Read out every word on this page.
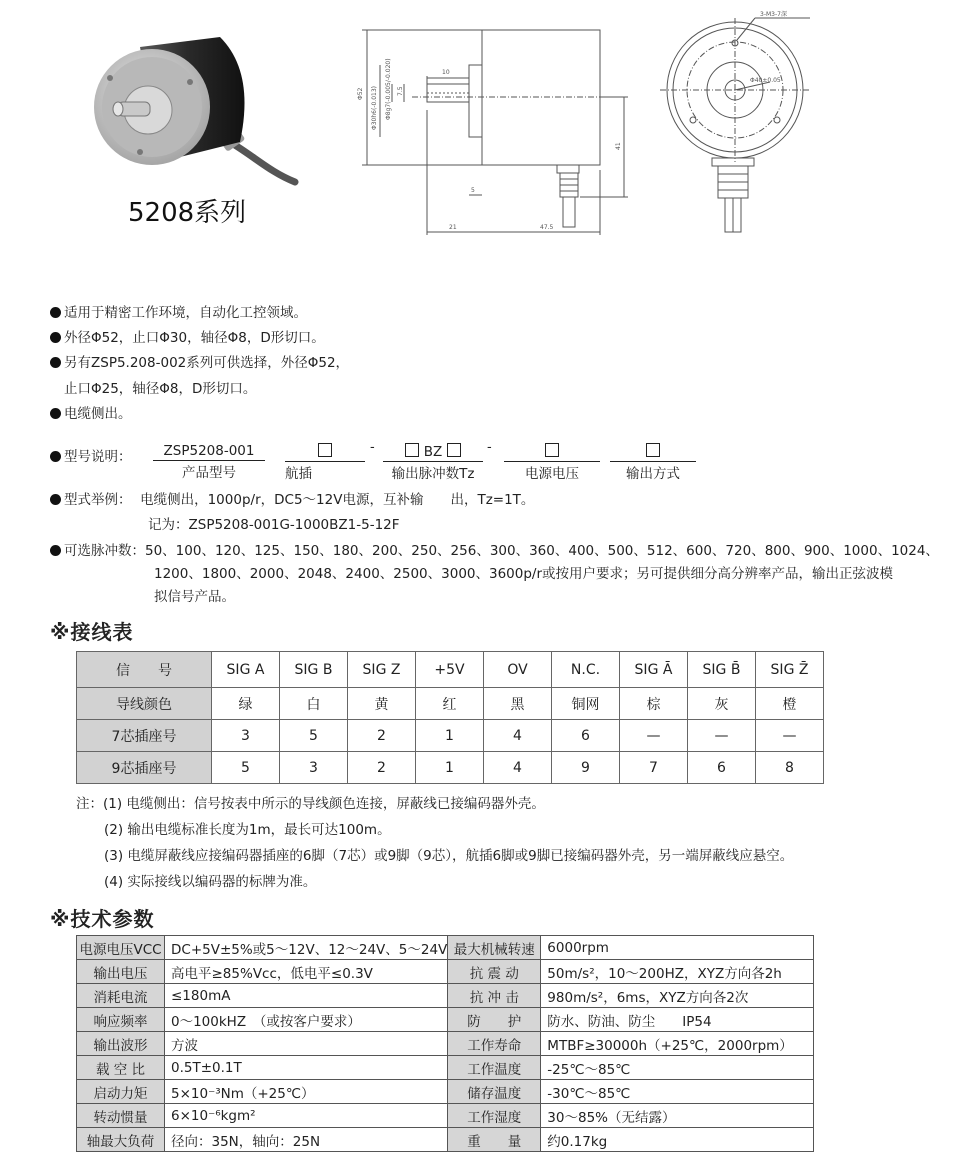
5208系列
Φ52 Φ30h6(-0.013) Φ8g7(-0.005/-0.020)	10
7.5
5
21	47.5
41
3-M3-7深
Φ40±0.05
适用于精密工作环境，自动化工控领域。
外径Φ52，止口Φ30，轴径Φ8，D形切口。
另有ZSP5.208-002系列可供选择，外径Φ52，
止口Φ25，轴径Φ8，D形切口。
电缆侧出。
型号说明：	ZSP5208-001
产品型号	航插
-	BZ
输出脉冲数Tz
-
电源电压	输出方式
型式举例： 电缆侧出，1000p/r，DC5～12V电源，互补输　　出，Tz=1T。
记为：ZSP5208-001G-1000BZ1-5-12F
可选脉冲数：50、100、120、125、150、180、200、250、256、300、360、400、500、512、600、720、800、900、1000、1024、
1200、1800、2000、2048、2400、2500、3000、3600p/r或按用户要求；另可提供细分高分辨率产品，输出正弦波模
拟信号产品。
※接线表
信　　号	SIG A	SIG B	SIG Z	+5V	OV	N.C.	SIG Ā	SIG B̄	SIG Z̄
导线颜色	绿	白	黄	红	黑	铜网	棕	灰	橙
7芯插座号	3	5	2	1	4	6	—	—	—
9芯插座号	5	3	2	1	4	9	7	6	8
注：(1) 电缆侧出：信号按表中所示的导线颜色连接，屏蔽线已接编码器外壳。
(2) 输出电缆标准长度为1m，最长可达100m。
(3) 电缆屏蔽线应接编码器插座的6脚（7芯）或9脚（9芯），航插6脚或9脚已接编码器外壳，另一端屏蔽线应悬空。
(4) 实际接线以编码器的标牌为准。
※技术参数
电源电压VCC	DC+5V±5%或5～12V、12～24V、5～24V	最大机械转速	6000rpm
输出电压	高电平≥85%Vcc，低电平≤0.3V	抗 震 动	50m/s²，10～200HZ，XYZ方向各2h
消耗电流	≤180mA	抗 冲 击	980m/s²，6ms，XYZ方向各2次
响应频率	0～100kHZ　（或按客户要求）	防　　护	防水、防油、防尘　　IP54
输出波形	方波	工作寿命	MTBF≥30000h（+25℃，2000rpm）
载 空 比	0.5T±0.1T	工作温度	-25℃～85℃
启动力矩	5×10⁻³Nm（+25℃）	储存温度	-30℃～85℃
转动惯量	6×10⁻⁶kgm²	工作湿度	30～85%（无结露）
轴最大负荷	径向：35N，轴向：25N	重　　量	约0.17kg
